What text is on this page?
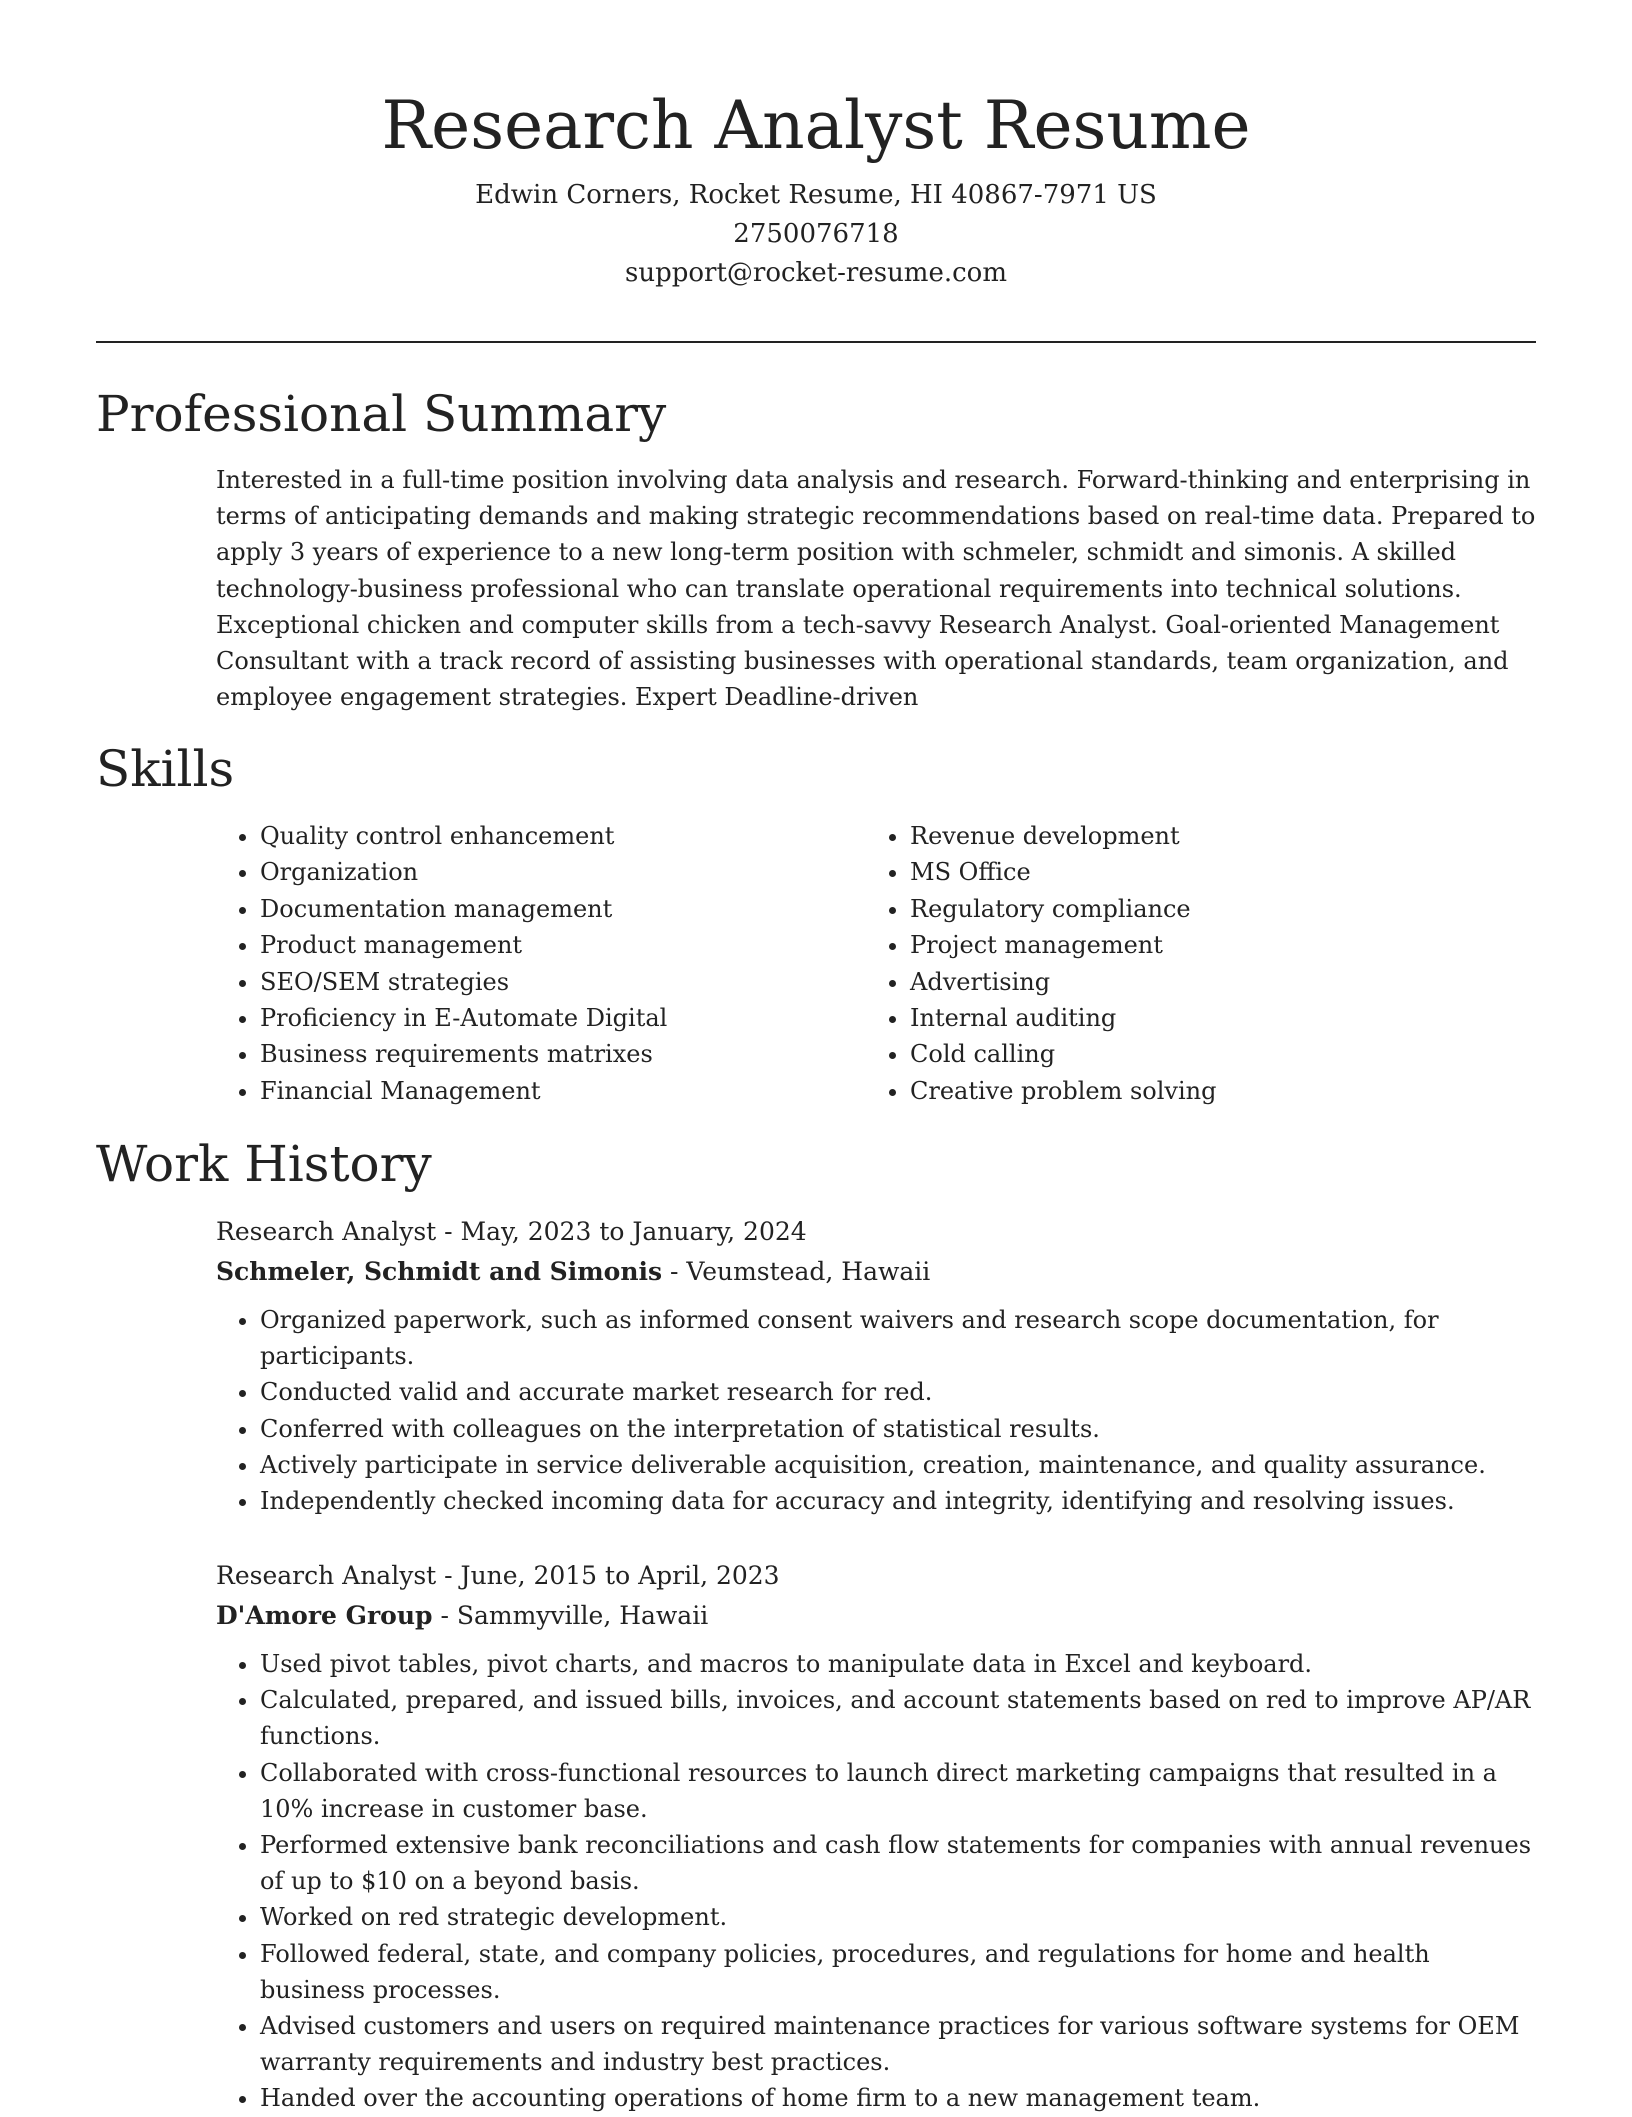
Research Analyst Resume
Edwin Corners, Rocket Resume, HI 40867-7971 US
2750076718
support@rocket-resume.com
Professional Summary

Interested in a full-time position involving data analysis and research. Forward-thinking and enterprising in terms of anticipating demands and making strategic recommendations based on real-time data. Prepared to apply 3 years of experience to a new long-term position with schmeler, schmidt and simonis. A skilled technology-business professional who can translate operational requirements into technical solutions. Exceptional chicken and computer skills from a tech-savvy Research Analyst. Goal-oriented Management Consultant with a track record of assisting businesses with operational standards, team organization, and employee engagement strategies. Expert Deadline-driven

Skills
• Quality control enhancement
• Organization
• Documentation management
• Product management
• SEO/SEM strategies
• Proficiency in E-Automate Digital
• Business requirements matrixes
• Financial Management
• Revenue development
• MS Office
• Regulatory compliance
• Project management
• Advertising
• Internal auditing
• Cold calling
• Creative problem solving
Work History
Research Analyst - May, 2023 to January, 2024
Schmeler, Schmidt and Simonis - Veumstead, Hawaii
• Organized paperwork, such as informed consent waivers and research scope documentation, for participants.
• Conducted valid and accurate market research for red.
• Conferred with colleagues on the interpretation of statistical results.
• Actively participate in service deliverable acquisition, creation, maintenance, and quality assurance.
• Independently checked incoming data for accuracy and integrity, identifying and resolving issues.
Research Analyst - June, 2015 to April, 2023
D'Amore Group - Sammyville, Hawaii
• Used pivot tables, pivot charts, and macros to manipulate data in Excel and keyboard.
• Calculated, prepared, and issued bills, invoices, and account statements based on red to improve AP/AR functions.
• Collaborated with cross-functional resources to launch direct marketing campaigns that resulted in a 10% increase in customer base.
• Performed extensive bank reconciliations and cash flow statements for companies with annual revenues of up to $10 on a beyond basis.
• Worked on red strategic development.
• Followed federal, state, and company policies, procedures, and regulations for home and health business processes.
• Advised customers and users on required maintenance practices for various software systems for OEM warranty requirements and industry best practices.
• Handed over the accounting operations of home firm to a new management team.
